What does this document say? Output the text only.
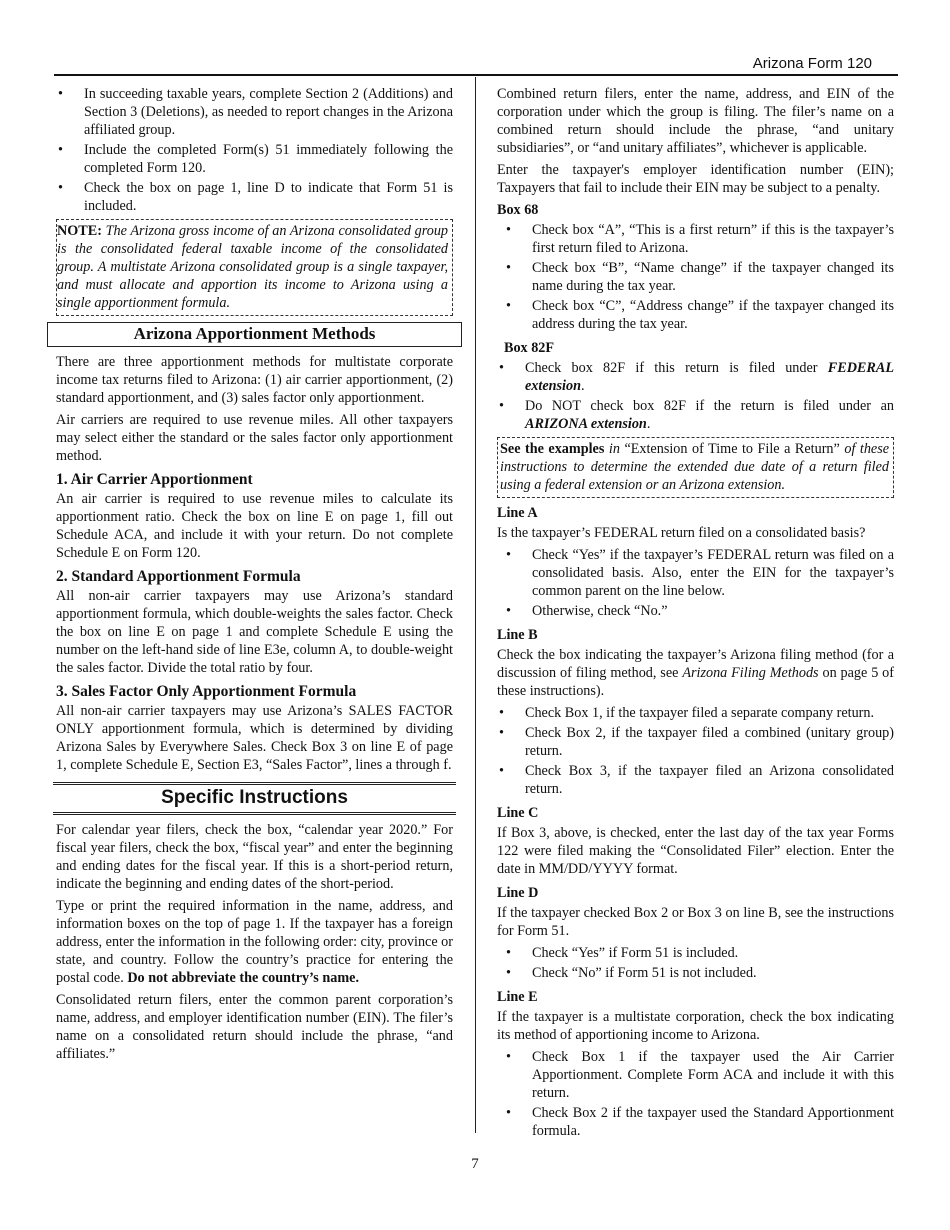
Arizona Form 120
• In succeeding taxable years, complete Section 2 (Additions) and Section 3 (Deletions), as needed to report changes in the Arizona affiliated group.
• Include the completed Form(s) 51 immediately following the completed Form 120.
• Check the box on page 1, line D to indicate that Form 51 is included.
NOTE: The Arizona gross income of an Arizona consolidated group is the consolidated federal taxable income of the consolidated group. A multistate Arizona consolidated group is a single taxpayer, and must allocate and apportion its income to Arizona using a single apportionment formula.
Arizona Apportionment Methods

There are three apportionment methods for multistate corporate income tax returns filed to Arizona: (1) air carrier apportionment, (2) standard apportionment, and (3) sales factor only apportionment.

Air carriers are required to use revenue miles. All other taxpayers may select either the standard or the sales factor only apportionment method.

1. Air Carrier Apportionment

An air carrier is required to use revenue miles to calculate its apportionment ratio. Check the box on line E on page 1, fill out Schedule ACA, and include it with your return. Do not complete Schedule E on Form 120.

2. Standard Apportionment Formula

All non-air carrier taxpayers may use Arizona’s standard apportionment formula, which double-weights the sales factor. Check the box on line E on page 1 and complete Schedule E using the number on the left-hand side of line E3e, column A, to double-weight the sales factor. Divide the total ratio by four.

3. Sales Factor Only Apportionment Formula

All non-air carrier taxpayers may use Arizona’s SALES FACTOR ONLY apportionment formula, which is determined by dividing Arizona Sales by Everywhere Sales. Check Box 3 on line E of page 1, complete Schedule E, Section E3, “Sales Factor”, lines a through f.

Specific Instructions

For calendar year filers, check the box, “calendar year 2020.” For fiscal year filers, check the box, “fiscal year” and enter the beginning and ending dates for the fiscal year. If this is a short-period return, indicate the beginning and ending dates of the short-period.

Type or print the required information in the name, address, and information boxes on the top of page 1. If the taxpayer has a foreign address, enter the information in the following order: city, province or state, and country. Follow the country’s practice for entering the postal code. Do not abbreviate the country’s name.

Consolidated return filers, enter the common parent corporation’s name, address, and employer identification number (EIN). The filer’s name on a consolidated return should include the phrase, “and affiliates.”

Combined return filers, enter the name, address, and EIN of the corporation under which the group is filing. The filer’s name on a combined return should include the phrase, “and unitary subsidiaries”, or “and unitary affiliates”, whichever is applicable.

Enter the taxpayer's employer identification number (EIN); Taxpayers that fail to include their EIN may be subject to a penalty.

Box 68
• Check box “A”, “This is a first return” if this is the taxpayer’s first return filed to Arizona.
• Check box “B”, “Name change” if the taxpayer changed its name during the tax year.
• Check box “C”, “Address change” if the taxpayer changed its address during the tax year.
Box 82F
• Check box 82F if this return is filed under FEDERAL extension.
• Do NOT check box 82F if the return is filed under an ARIZONA extension.
See the examples in “Extension of Time to File a Return” of these instructions to determine the extended due date of a return filed using a federal extension or an Arizona extension.
Line A

Is the taxpayer’s FEDERAL return filed on a consolidated basis?

• Check “Yes” if the taxpayer’s FEDERAL return was filed on a consolidated basis. Also, enter the EIN for the taxpayer’s common parent on the line below.
• Otherwise, check “No.”
Line B

Check the box indicating the taxpayer’s Arizona filing method (for a discussion of filing method, see Arizona Filing Methods on page 5 of these instructions).

• Check Box 1, if the taxpayer filed a separate company return.
• Check Box 2, if the taxpayer filed a combined (unitary group) return.
• Check Box 3, if the taxpayer filed an Arizona consolidated return.
Line C

If Box 3, above, is checked, enter the last day of the tax year Forms 122 were filed making the “Consolidated Filer” election. Enter the date in MM/DD/YYYY format.

Line D

If the taxpayer checked Box 2 or Box 3 on line B, see the instructions for Form 51.

• Check “Yes” if Form 51 is included.
• Check “No” if Form 51 is not included.
Line E

If the taxpayer is a multistate corporation, check the box indicating its method of apportioning income to Arizona.

• Check Box 1 if the taxpayer used the Air Carrier Apportionment. Complete Form ACA and include it with this return.
• Check Box 2 if the taxpayer used the Standard Apportionment formula.
7
